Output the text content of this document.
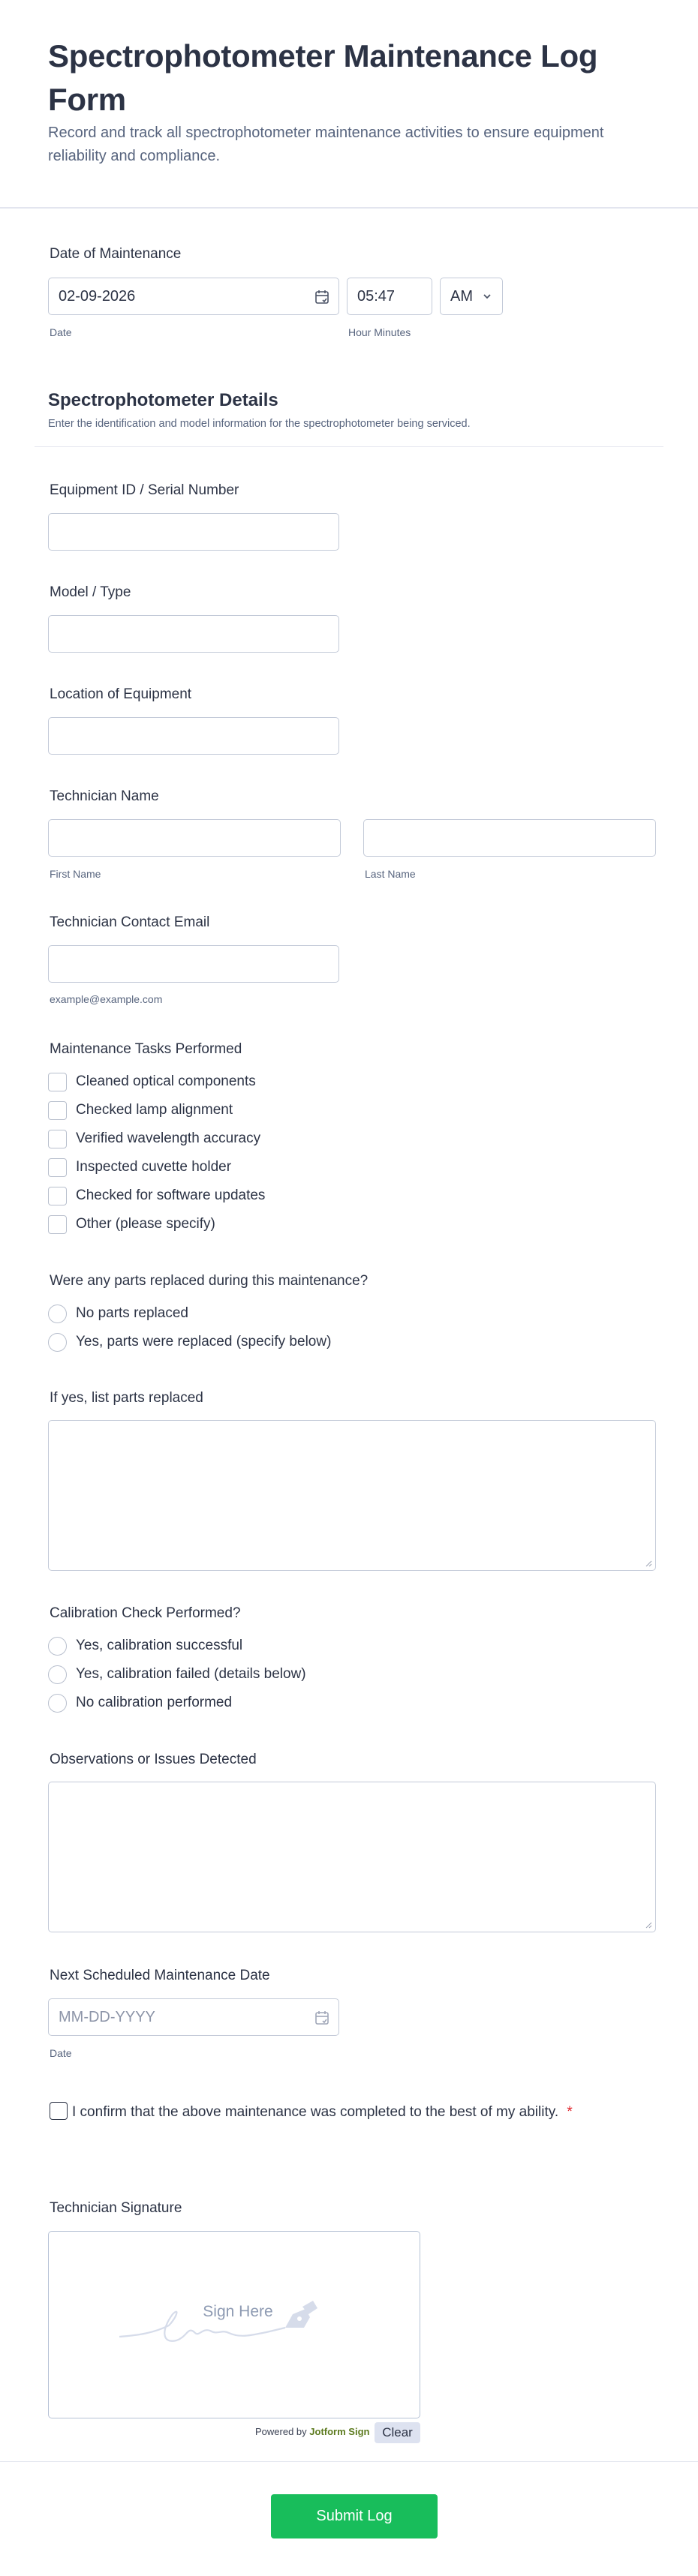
Spectrophotometer Maintenance Log Form
Record and track all spectrophotometer maintenance activities to ensure equipment reliability and compliance.
Date of Maintenance
02-09-2026	05:47	AM
Date	Hour Minutes
Spectrophotometer Details
Enter the identification and model information for the spectrophotometer being serviced.
Equipment ID / Serial Number
Model / Type
Location of Equipment
Technician Name
First Name	Last Name
Technician Contact Email
example@example.com
Maintenance Tasks Performed
Cleaned optical components
Checked lamp alignment
Verified wavelength accuracy
Inspected cuvette holder
Checked for software updates
Other (please specify)
Were any parts replaced during this maintenance?
No parts replaced
Yes, parts were replaced (specify below)
If yes, list parts replaced
Calibration Check Performed?
Yes, calibration successful
Yes, calibration failed (details below)
No calibration performed
Observations or Issues Detected
Next Scheduled Maintenance Date
MM-DD-YYYY
Date
I confirm that the above maintenance was completed to the best of my ability. *
Technician Signature
Sign Here
Powered by Jotform Sign Clear
Submit Log
